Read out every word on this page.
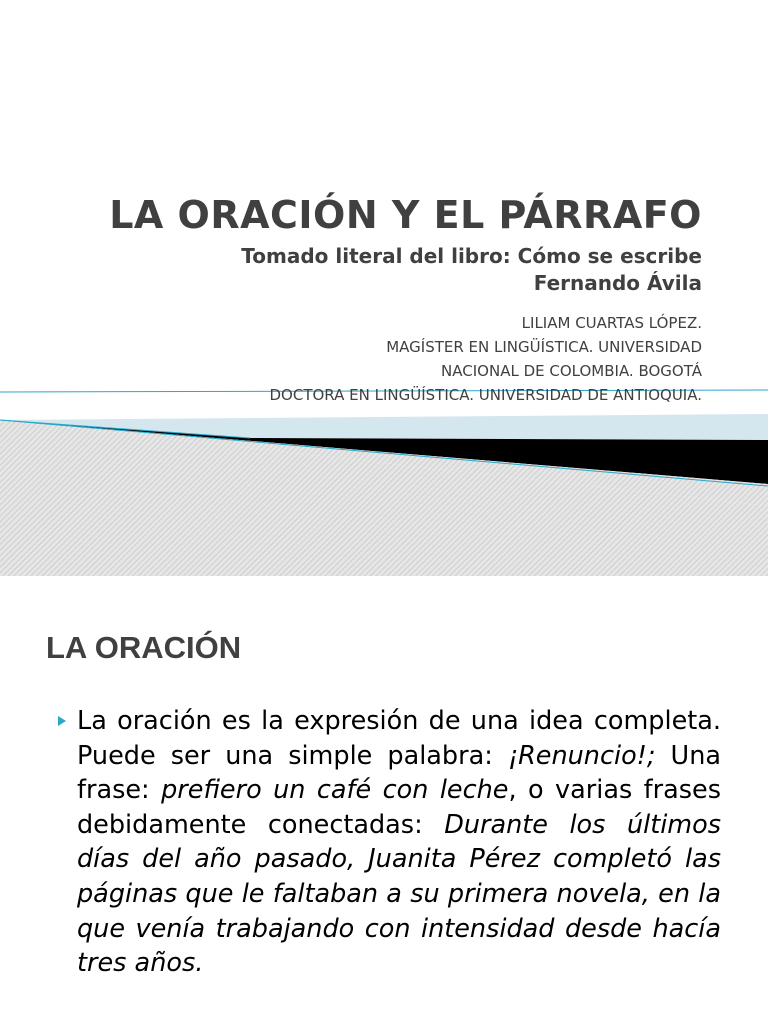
LA ORACIÓN Y EL PÁRRAFO
Tomado literal del libro: Cómo se escribe
Fernando Ávila
LILIAM CUARTAS LÓPEZ.
MAGÍSTER EN LINGÜÍSTICA. UNIVERSIDAD
NACIONAL DE COLOMBIA. BOGOTÁ
DOCTORA EN LINGÜÍSTICA. UNIVERSIDAD DE ANTIOQUIA.
LA ORACIÓN

La oración es la expresión de una idea completa. Puede ser una simple palabra: ¡Renuncio!; Una frase: prefiero un café con leche, o varias frases debidamente conectadas: Durante los últimos días del año pasado, Juanita Pérez completó las páginas que le faltaban a su primera novela, en la que venía trabajando con intensidad desde hacía tres años.
